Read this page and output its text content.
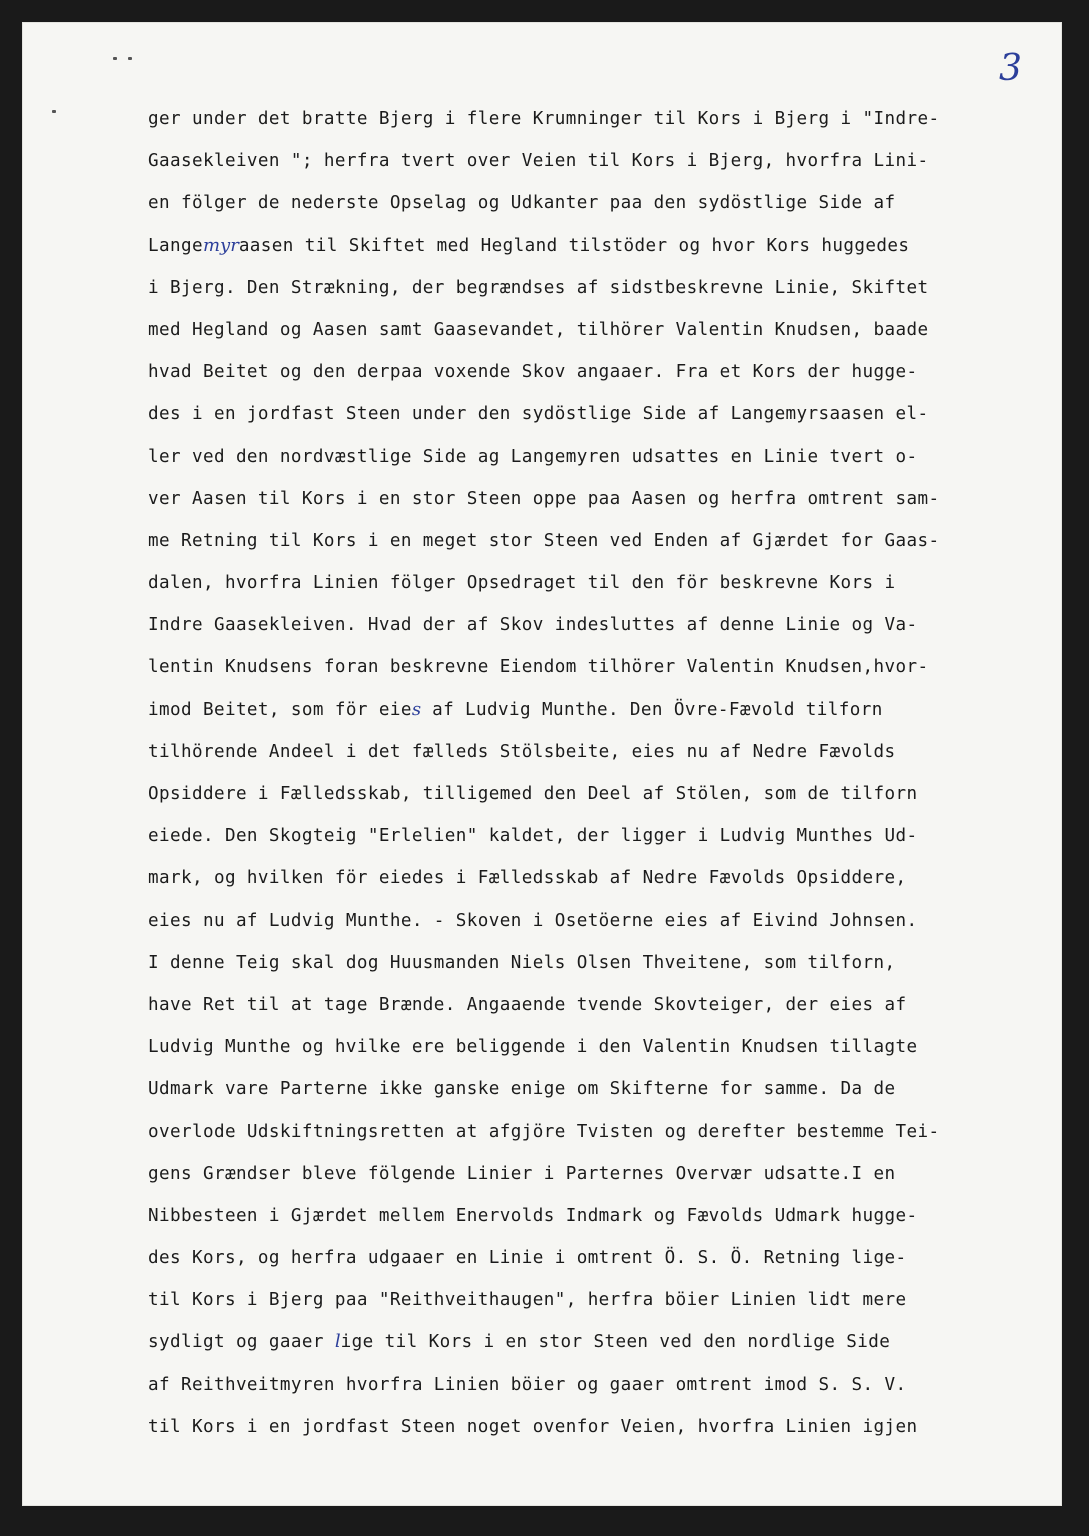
3
ger under det bratte Bjerg i flere Krumninger til Kors i Bjerg i "Indre-
Gaasekleiven "; herfra tvert over Veien til Kors i Bjerg, hvorfra Lini-
en fölger de nederste Opselag og Udkanter paa den sydöstlige Side af
Langemyraasen til Skiftet med Hegland tilstöder og hvor Kors huggedes
i Bjerg. Den Strækning, der begrændses af sidstbeskrevne Linie, Skiftet
med Hegland og Aasen samt Gaasevandet, tilhörer Valentin Knudsen, baade
hvad Beitet og den derpaa voxende Skov angaaer. Fra et Kors der hugge-
des i en jordfast Steen under den sydöstlige Side af Langemyrsaasen el-
ler ved den nordvæstlige Side ag Langemyren udsattes en Linie tvert o-
ver Aasen til Kors i en stor Steen oppe paa Aasen og herfra omtrent sam-
me Retning til Kors i en meget stor Steen ved Enden af Gjærdet for Gaas-
dalen, hvorfra Linien fölger Opsedraget til den för beskrevne Kors i
Indre Gaasekleiven. Hvad der af Skov indesluttes af denne Linie og Va-
lentin Knudsens foran beskrevne Eiendom tilhörer Valentin Knudsen,hvor-
imod Beitet, som för eies af Ludvig Munthe. Den Övre-Fævold tilforn
tilhörende Andeel i det fælleds Stölsbeite, eies nu af Nedre Fævolds
Opsiddere i Fælledsskab, tilligemed den Deel af Stölen, som de tilforn
eiede. Den Skogteig "Erlelien" kaldet, der ligger i Ludvig Munthes Ud-
mark, og hvilken för eiedes i Fælledsskab af Nedre Fævolds Opsiddere,
eies nu af Ludvig Munthe. - Skoven i Osetöerne eies af Eivind Johnsen.
I denne Teig skal dog Huusmanden Niels Olsen Thveitene, som tilforn,
have Ret til at tage Brænde. Angaaende tvende Skovteiger, der eies af
Ludvig Munthe og hvilke ere beliggende i den Valentin Knudsen tillagte
Udmark vare Parterne ikke ganske enige om Skifterne for samme. Da de
overlode Udskiftningsretten at afgjöre Tvisten og derefter bestemme Tei-
gens Grændser bleve fölgende Linier i Parternes Overvær udsatte.I en
Nibbesteen i Gjærdet mellem Enervolds Indmark og Fævolds Udmark hugge-
des Kors, og herfra udgaaer en Linie i omtrent Ö. S. Ö. Retning lige-
til Kors i Bjerg paa "Reithveithaugen", herfra böier Linien lidt mere
sydligt og gaaer lige til Kors i en stor Steen ved den nordlige Side
af Reithveitmyren hvorfra Linien böier og gaaer omtrent imod S. S. V.
til Kors i en jordfast Steen noget ovenfor Veien, hvorfra Linien igjen
